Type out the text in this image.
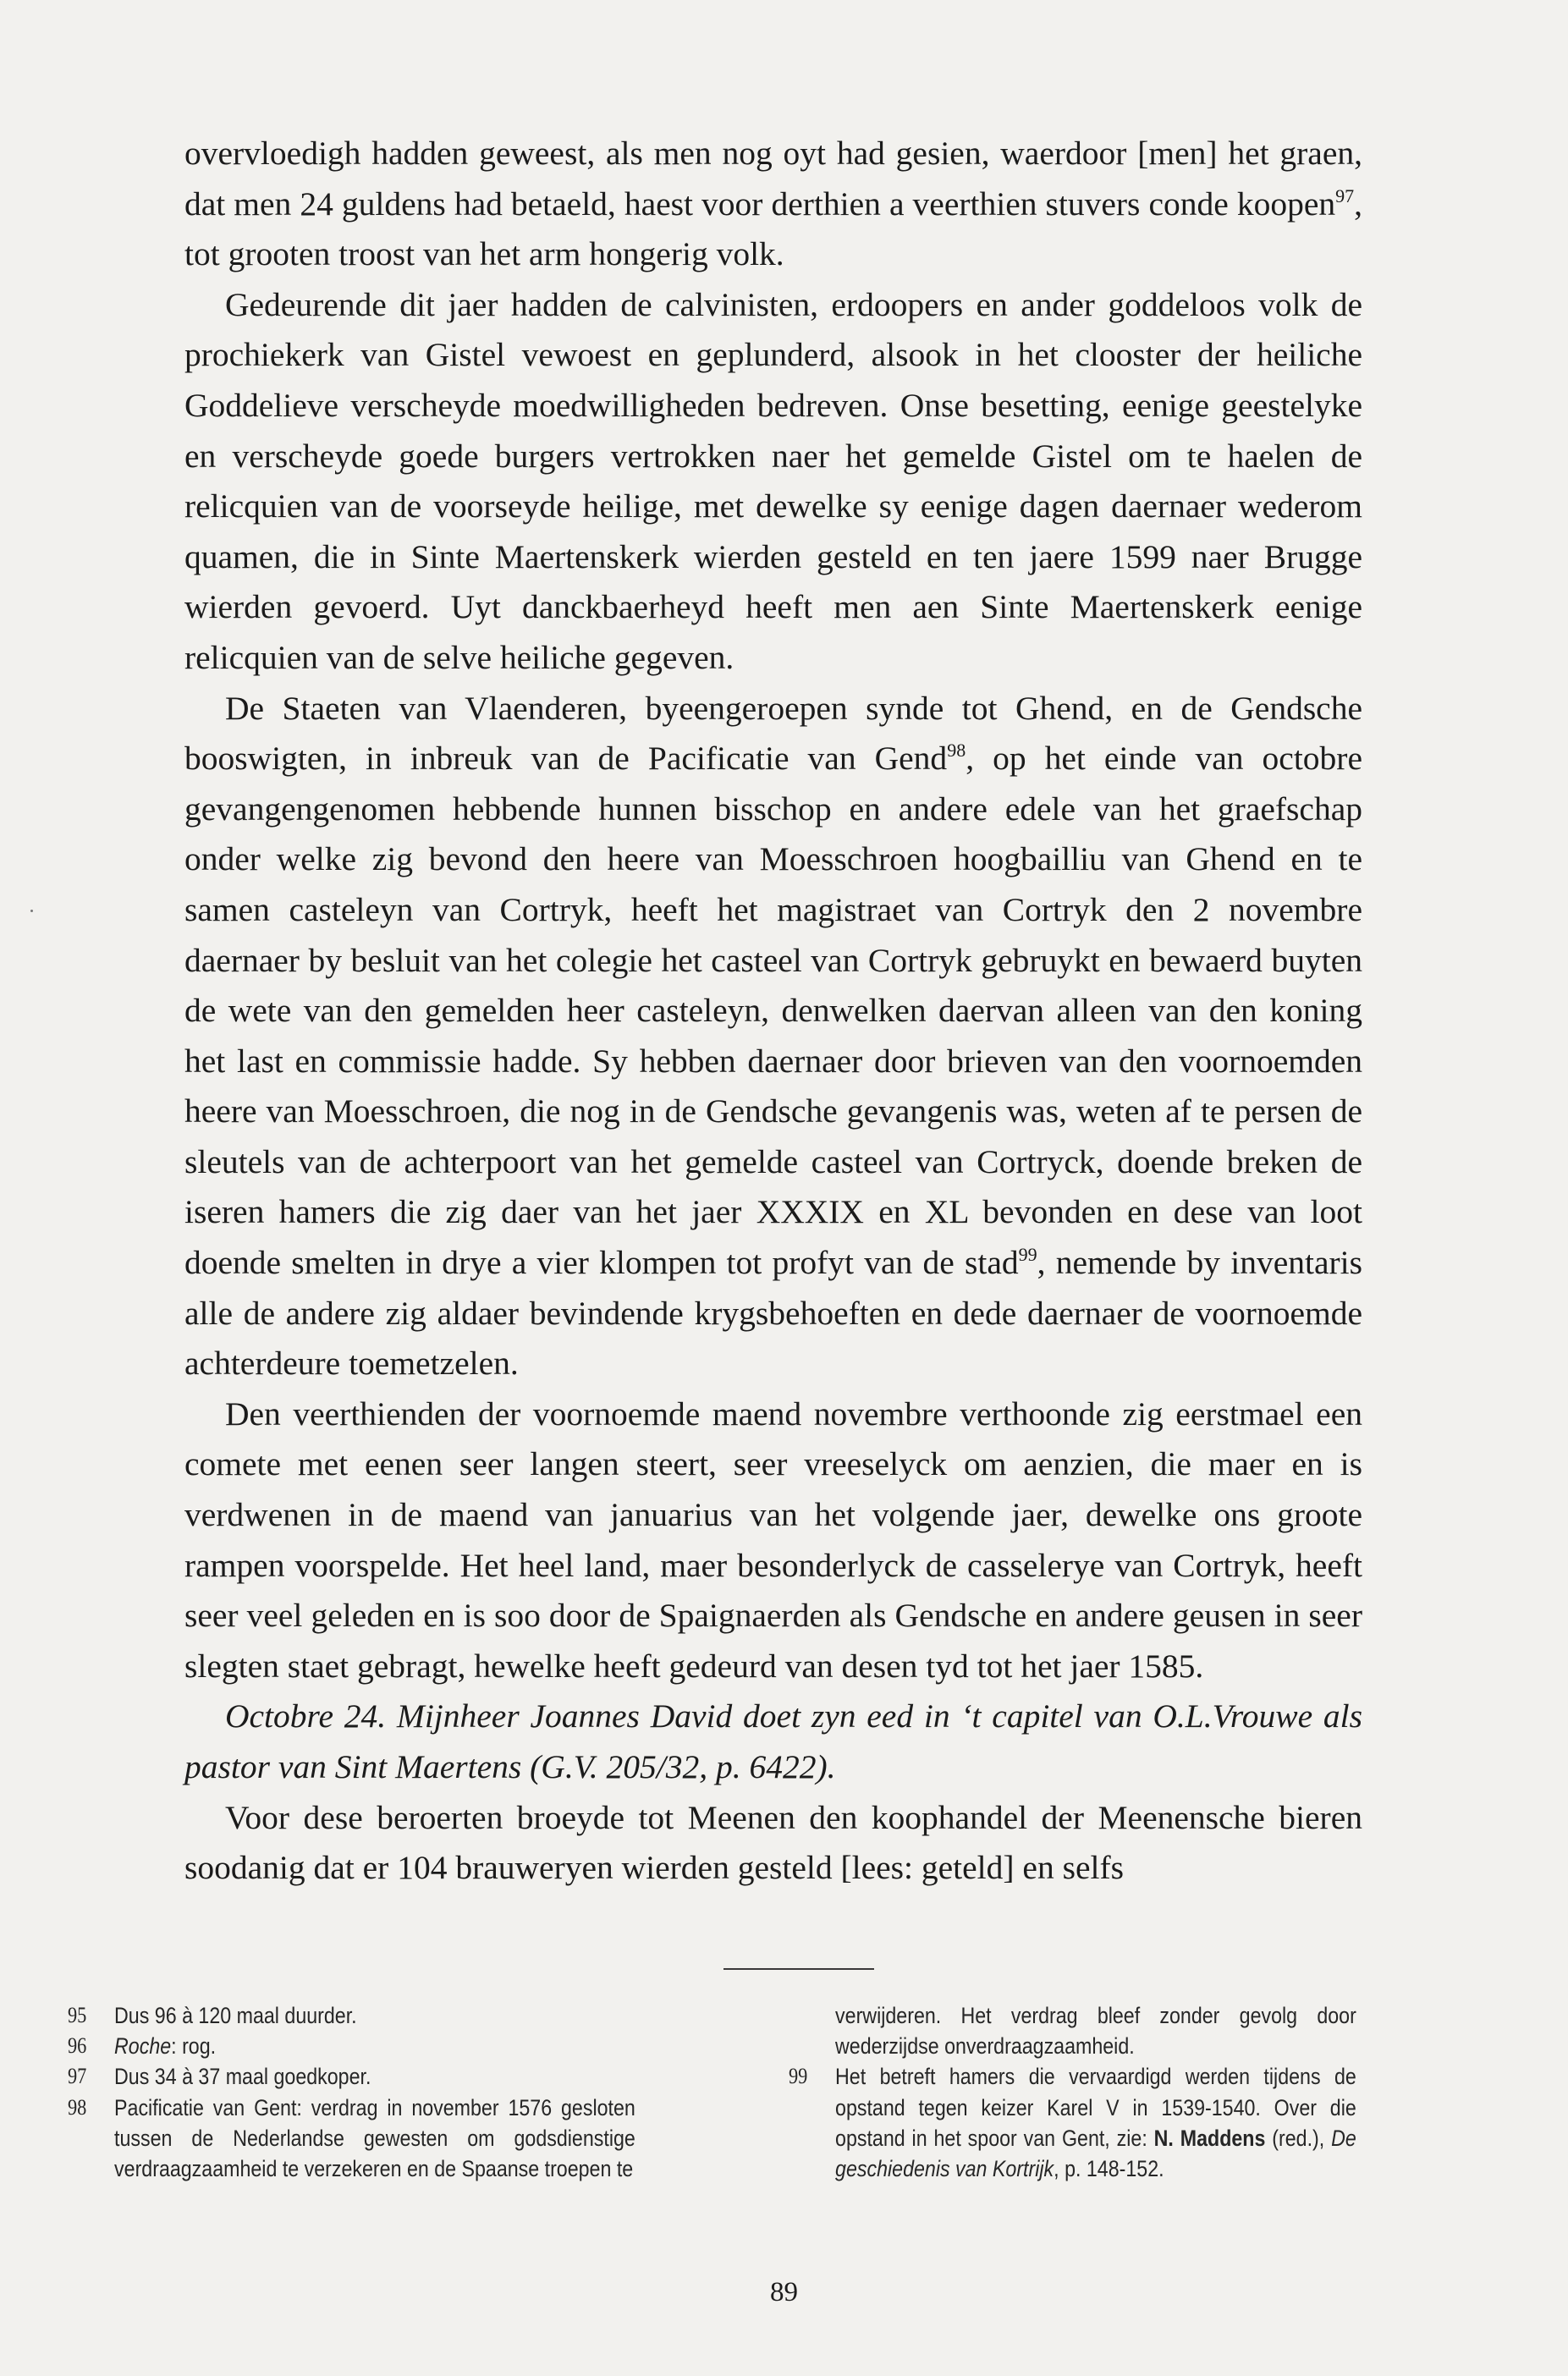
overvloedigh hadden geweest, als men nog oyt had gesien, waerdoor [men] het graen, dat men 24 guldens had betaeld, haest voor derthien a veerthien stuvers conde koopen$^{97}$, tot grooten troost van het arm hongerig volk.

Gedeurende dit jaer hadden de calvinisten, erdoopers en ander goddeloos volk de prochiekerk van Gistel vewoest en geplunderd, alsook in het clooster der heiliche Goddelieve verscheyde moedwilligheden bedreven. Onse besetting, eenige geestelyke en verscheyde goede burgers vertrokken naer het gemelde Gistel om te haelen de relicquien van de voorseyde heilige, met dewelke sy eenige dagen daernaer wederom quamen, die in Sinte Maertenskerk wierden gesteld en ten jaere 1599 naer Brugge wierden gevoerd. Uyt danckbaerheyd heeft men aen Sinte Maertenskerk eenige relicquien van de selve heiliche gegeven.

De Staeten van Vlaenderen, byeengeroepen synde tot Ghend, en de Gendsche booswigten, in inbreuk van de Pacificatie van Gend$^{98}$, op het einde van octobre gevangengenomen hebbende hunnen bisschop en andere edele van het graefschap onder welke zig bevond den heere van Moesschroen hoogbailliu van Ghend en te samen casteleyn van Cortryk, heeft het magistraet van Cortryk den 2 novembre daernaer by besluit van het colegie het casteel van Cortryk gebruykt en bewaerd buyten de wete van den gemelden heer casteleyn, denwelken daervan alleen van den koning het last en commissie hadde. Sy hebben daernaer door brieven van den voornoemden heere van Moesschroen, die nog in de Gendsche gevangenis was, weten af te persen de sleutels van de achterpoort van het gemelde casteel van Cortryck, doende breken de iseren hamers die zig daer van het jaer XXXIX en XL bevonden en dese van loot doende smelten in drye a vier klompen tot profyt van de stad$^{99}$, nemende by inventaris alle de andere zig aldaer bevindende krygsbehoeften en dede daernaer de voornoemde achterdeure toemetzelen.

Den veerthienden der voornoemde maend novembre verthoonde zig eerstmael een comete met eenen seer langen steert, seer vreeselyck om aenzien, die maer en is verdwenen in de maend van januarius van het volgende jaer, dewelke ons groote rampen voorspelde. Het heel land, maer besonderlyck de casselerye van Cortryk, heeft seer veel geleden en is soo door de Spaignaerden als Gendsche en andere geusen in seer slegten staet gebragt, hewelke heeft gedeurd van desen tyd tot het jaer 1585.

Octobre 24. Mijnheer Joannes David doet zyn eed in ‘t capitel van O.L.Vrouwe als pastor van Sint Maertens (G.V. 205/32, p. 6422).

Voor dese beroerten broeyde tot Meenen den koophandel der Meenensche bieren soodanig dat er 104 brauweryen wierden gesteld [lees: geteld] en selfs

95	Dus 96 à 120 maal duurder.
96	Roche: rog.
97	Dus 34 à 37 maal goedkoper.
98	Pacificatie van Gent: verdrag in november 1576 gesloten tussen de Nederlandse gewesten om godsdienstige verdraagzaamheid te verzekeren en de Spaanse troepen te
verwijderen. Het verdrag bleef zonder gevolg door wederzijdse onverdraagzaamheid.
99	Het betreft hamers die vervaardigd werden tijdens de opstand tegen keizer Karel V in 1539-1540. Over die opstand in het spoor van Gent, zie: N. Maddens (red.), De geschiedenis van Kortrijk, p. 148-152.
89
